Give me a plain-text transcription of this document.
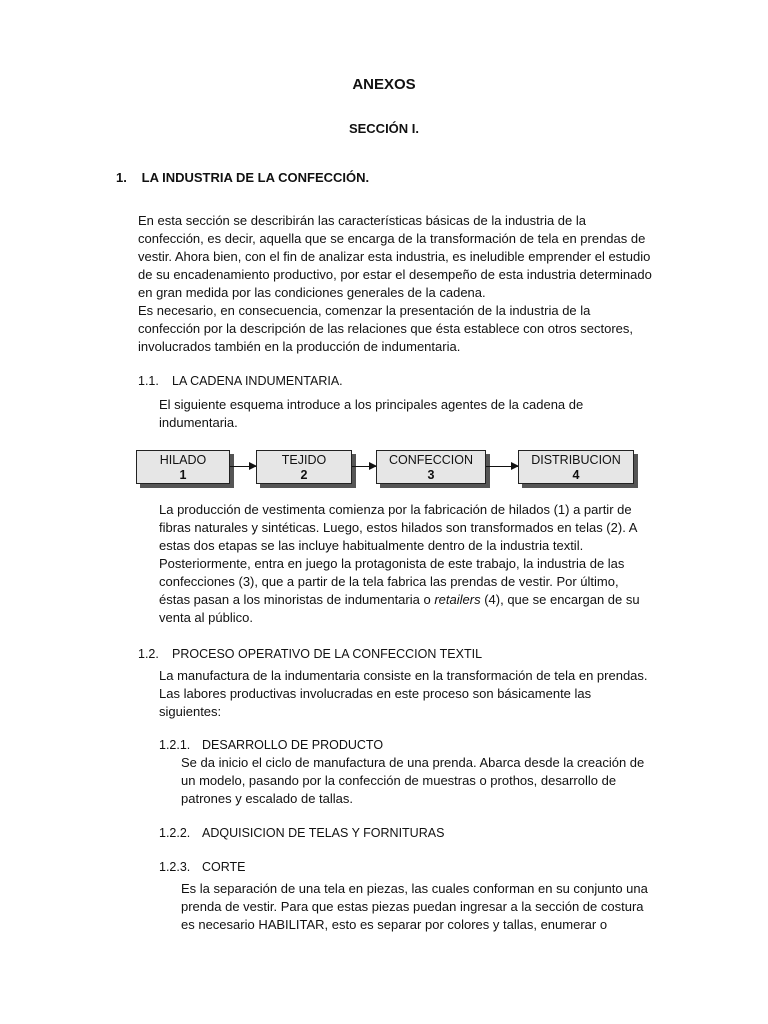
ANEXOS
SECCIÓN I.
1. LA INDUSTRIA DE LA CONFECCIÓN.
En esta sección se describirán las características básicas de la industria de la
confección, es decir, aquella que se encarga de la transformación de tela en prendas de
vestir. Ahora bien, con el fin de analizar esta industria, es ineludible emprender el estudio
de su encadenamiento productivo, por estar el desempeño de esta industria determinado
en gran medida por las condiciones generales de la cadena.
Es necesario, en consecuencia, comenzar la presentación de la industria de la
confección por la descripción de las relaciones que ésta establece con otros sectores,
involucrados también en la producción de indumentaria.
1.1. LA CADENA INDUMENTARIA.
El siguiente esquema introduce a los principales agentes de la cadena de
indumentaria.
HILADO
1
TEJIDO
2
CONFECCION
3
DISTRIBUCION
4
La producción de vestimenta comienza por la fabricación de hilados (1) a partir de
fibras naturales y sintéticas. Luego, estos hilados son transformados en telas (2). A
estas dos etapas se las incluye habitualmente dentro de la industria textil.
Posteriormente, entra en juego la protagonista de este trabajo, la industria de las
confecciones (3), que a partir de la tela fabrica las prendas de vestir. Por último,
éstas pasan a los minoristas de indumentaria o retailers (4), que se encargan de su
venta al público.
1.2. PROCESO OPERATIVO DE LA CONFECCION TEXTIL
La manufactura de la indumentaria consiste en la transformación de tela en prendas.
Las labores productivas involucradas en este proceso son básicamente las
siguientes:
1.2.1. DESARROLLO DE PRODUCTO
Se da inicio el ciclo de manufactura de una prenda. Abarca desde la creación de
un modelo, pasando por la confección de muestras o prothos, desarrollo de
patrones y escalado de tallas.
1.2.2. ADQUISICION DE TELAS Y FORNITURAS
1.2.3. CORTE
Es la separación de una tela en piezas, las cuales conforman en su conjunto una
prenda de vestir. Para que estas piezas puedan ingresar a la sección de costura
es necesario HABILITAR, esto es separar por colores y tallas, enumerar o
